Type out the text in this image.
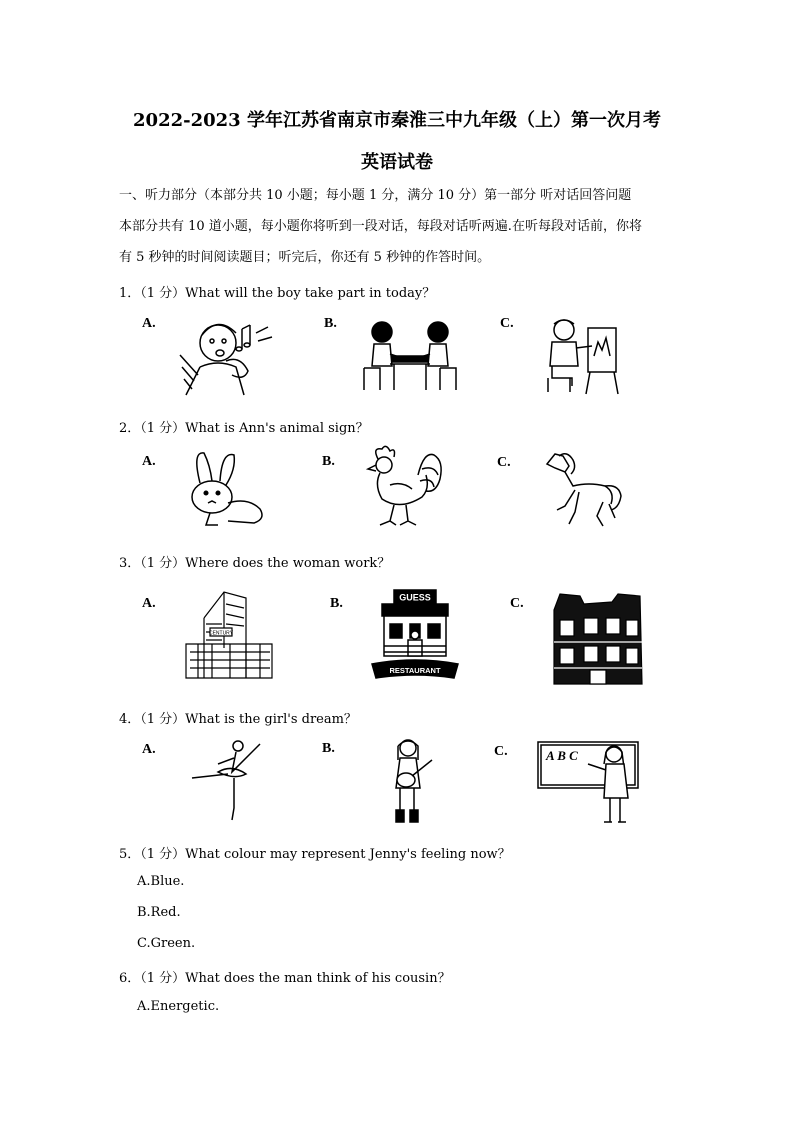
2022-2023 学年江苏省南京市秦淮三中九年级（上）第一次月考
英语试卷
一、听力部分（本部分共 10 小题；每小题 1 分，满分 10 分）第一部分 听对话回答问题
本部分共有 10 道小题，每小题你将听到一段对话，每段对话听两遍.在听每段对话前，你将
有 5 秒钟的时间阅读题目；听完后，你还有 5 秒钟的作答时间。
1．（1 分）What will the boy take part in today？
A.	B.	C.
2．（1 分）What is Ann's animal sign？
A.	B.	C.
3．（1 分）Where does the woman work？
A.	B.	C.
CENTURY
GUESS
RESTAURANT
4．（1 分）What is the girl's dream？
A.	B.	C.	A B C
5．（1 分）What colour may represent Jenny's feeling now？
A.Blue.
B.Red.
C.Green.
6．（1 分）What does the man think of his cousin？
A.Energetic.
